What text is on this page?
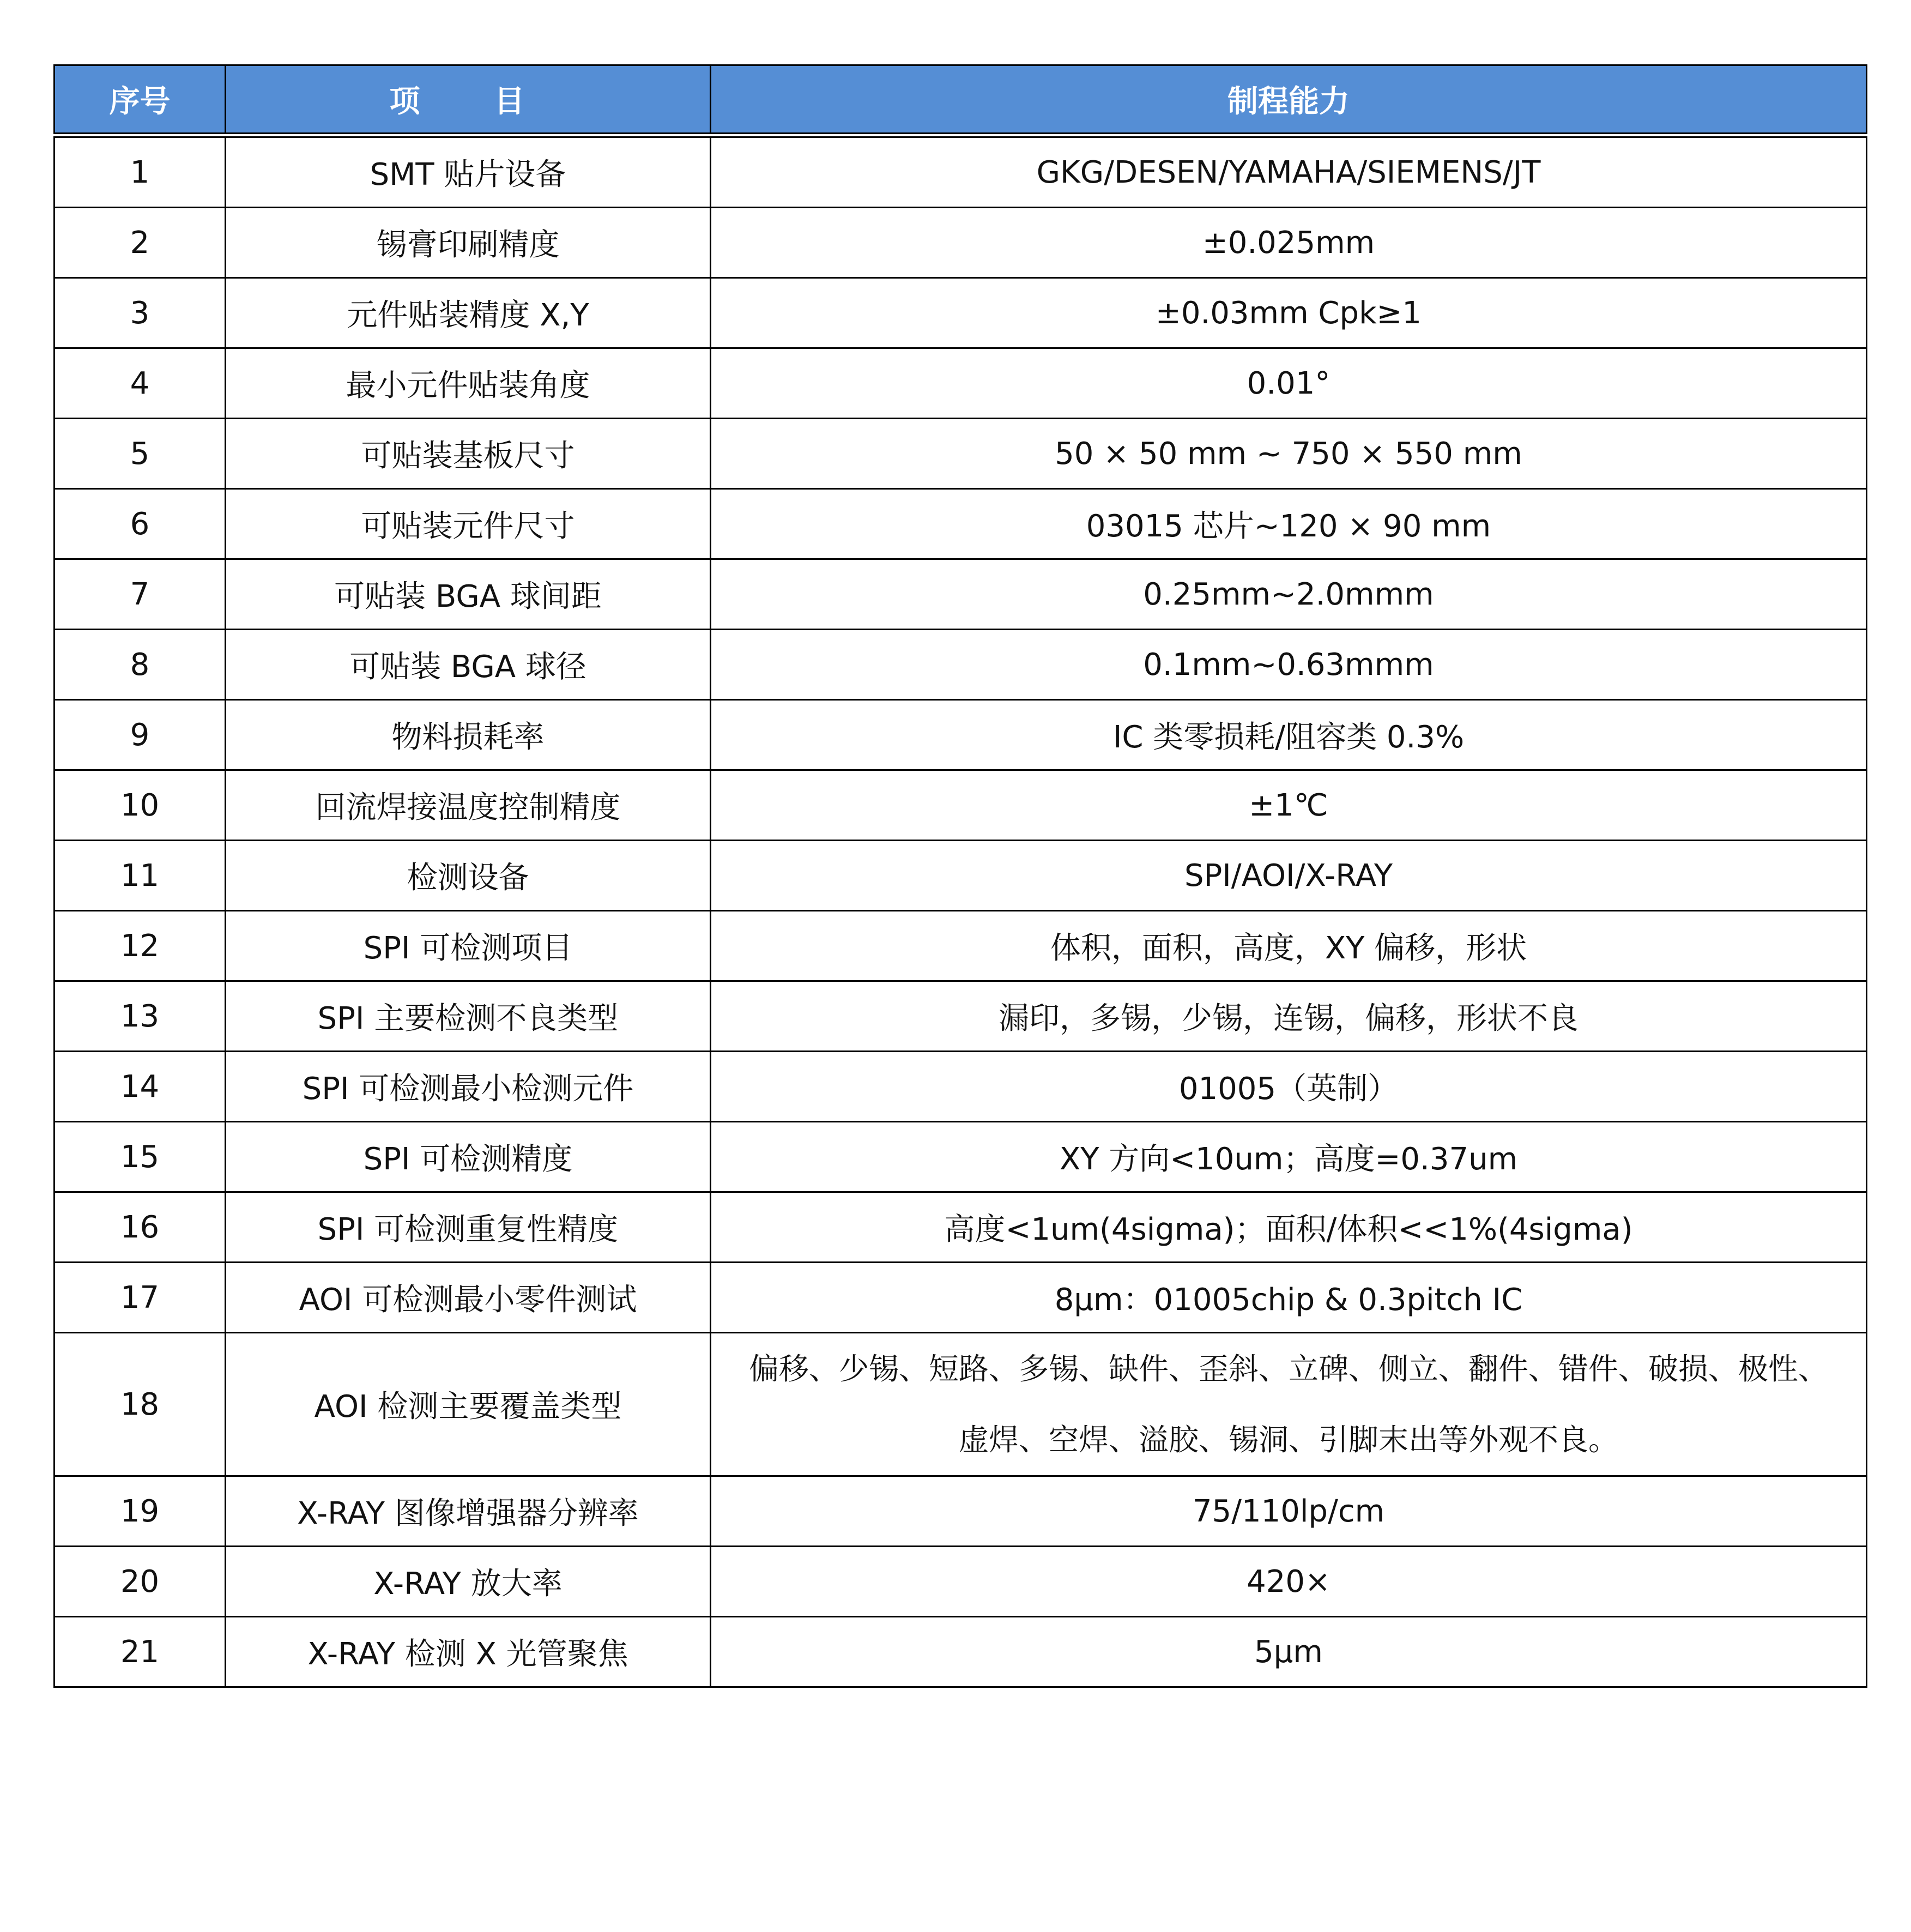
序号	项　目	制程能力
1	SMT 贴片设备	GKG/DESEN/YAMAHA/SIEMENS/JT
2	锡膏印刷精度	±0.025mm
3	元件贴装精度 X,Y	±0.03mm Cpk≥1
4	最小元件贴装角度	0.01°
5	可贴装基板尺寸	50 × 50 mm ~ 750 × 550 mm
6	可贴装元件尺寸	03015 芯片~120 × 90 mm
7	可贴装 BGA 球间距	0.25mm~2.0mmm
8	可贴装 BGA 球径	0.1mm~0.63mmm
9	物料损耗率	IC 类零损耗/阻容类 0.3%
10	回流焊接温度控制精度	±1℃
11	检测设备	SPI/AOI/X-RAY
12	SPI 可检测项目	体积，面积，高度，XY 偏移，形状
13	SPI 主要检测不良类型	漏印，多锡，少锡，连锡，偏移，形状不良
14	SPI 可检测最小检测元件	01005（英制）
15	SPI 可检测精度	XY 方向<10um；高度=0.37um
16	SPI 可检测重复性精度	高度<1um(4sigma)；面积/体积<<1%(4sigma)
17	AOI 可检测最小零件测试	8μm：01005chip & 0.3pitch IC
18	AOI 检测主要覆盖类型	偏移、少锡、短路、多锡、缺件、歪斜、立碑、侧立、翻件、错件、破损、极性、
虚焊、空焊、溢胶、锡洞、引脚末出等外观不良。

19	X-RAY 图像增强器分辨率	75/110lp/cm
20	X-RAY 放大率	420×
21	X-RAY 检测 X 光管聚焦	5μm
